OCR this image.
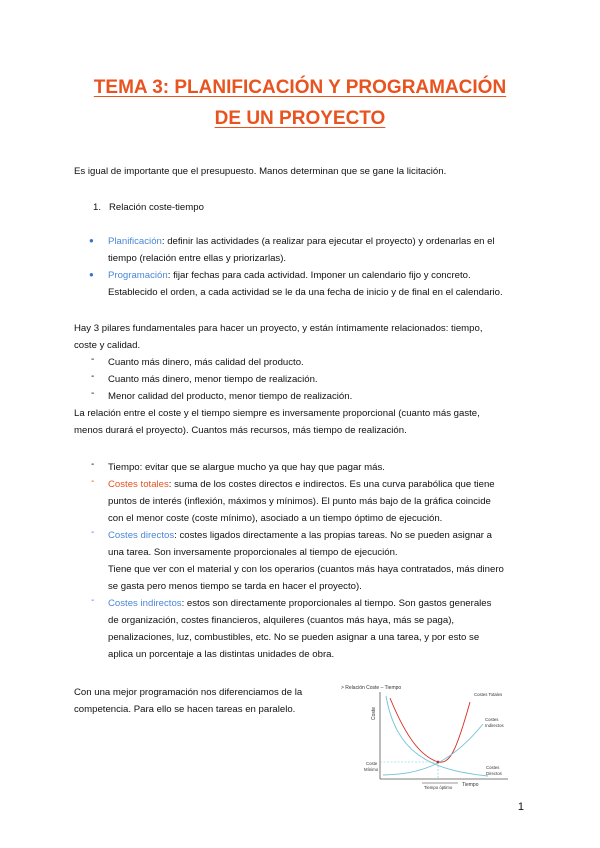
TEMA 3: PLANIFICACIÓN Y PROGRAMACIÓN
DE UN PROYECTO
Es igual de importante que el presupuesto. Manos determinan que se gane la licitación.
1.   Relación coste-tiempo
● Planificación: definir las actividades (a realizar para ejecutar el proyecto) y ordenarlas en el
tiempo (relación entre ellas y priorizarlas).
● Programación: fijar fechas para cada actividad. Imponer un calendario fijo y concreto.
Establecido el orden, a cada actividad se le da una fecha de inicio y de final en el calendario.
Hay 3 pilares fundamentales para hacer un proyecto, y están íntimamente relacionados: tiempo,
coste y calidad.
- Cuanto más dinero, más calidad del producto.
- Cuanto más dinero, menor tiempo de realización.
- Menor calidad del producto, menor tiempo de realización.
La relación entre el coste y el tiempo siempre es inversamente proporcional (cuanto más gaste,
menos durará el proyecto). Cuantos más recursos, más tiempo de realización.
- Tiempo: evitar que se alargue mucho ya que hay que pagar más.
- Costes totales: suma de los costes directos e indirectos. Es una curva parabólica que tiene
puntos de interés (inflexión, máximos y mínimos). El punto más bajo de la gráfica coincide
con el menor coste (coste mínimo), asociado a un tiempo óptimo de ejecución.
- Costes directos: costes ligados directamente a las propias tareas. No se pueden asignar a
una tarea. Son inversamente proporcionales al tiempo de ejecución.
Tiene que ver con el material y con los operarios (cuantos más haya contratados, más dinero
se gasta pero menos tiempo se tarda en hacer el proyecto).
- Costes indirectos: estos son directamente proporcionales al tiempo. Son gastos generales
de organización, costes financieros, alquileres (cuantos más haya, más se paga),
penalizaciones, luz, combustibles, etc. No se pueden asignar a una tarea, y por esto se
aplica un porcentaje a las distintas unidades de obra.
Con una mejor programación nos diferenciamos de la
competencia. Para ello se hacen tareas en paralelo.
> Relación Coste – Tiempo
Coste
Tiempo
Costes Totales
Costes
Indirectos
Costes
Directos
Coste
Mínimo
Tiempo óptimo
1
